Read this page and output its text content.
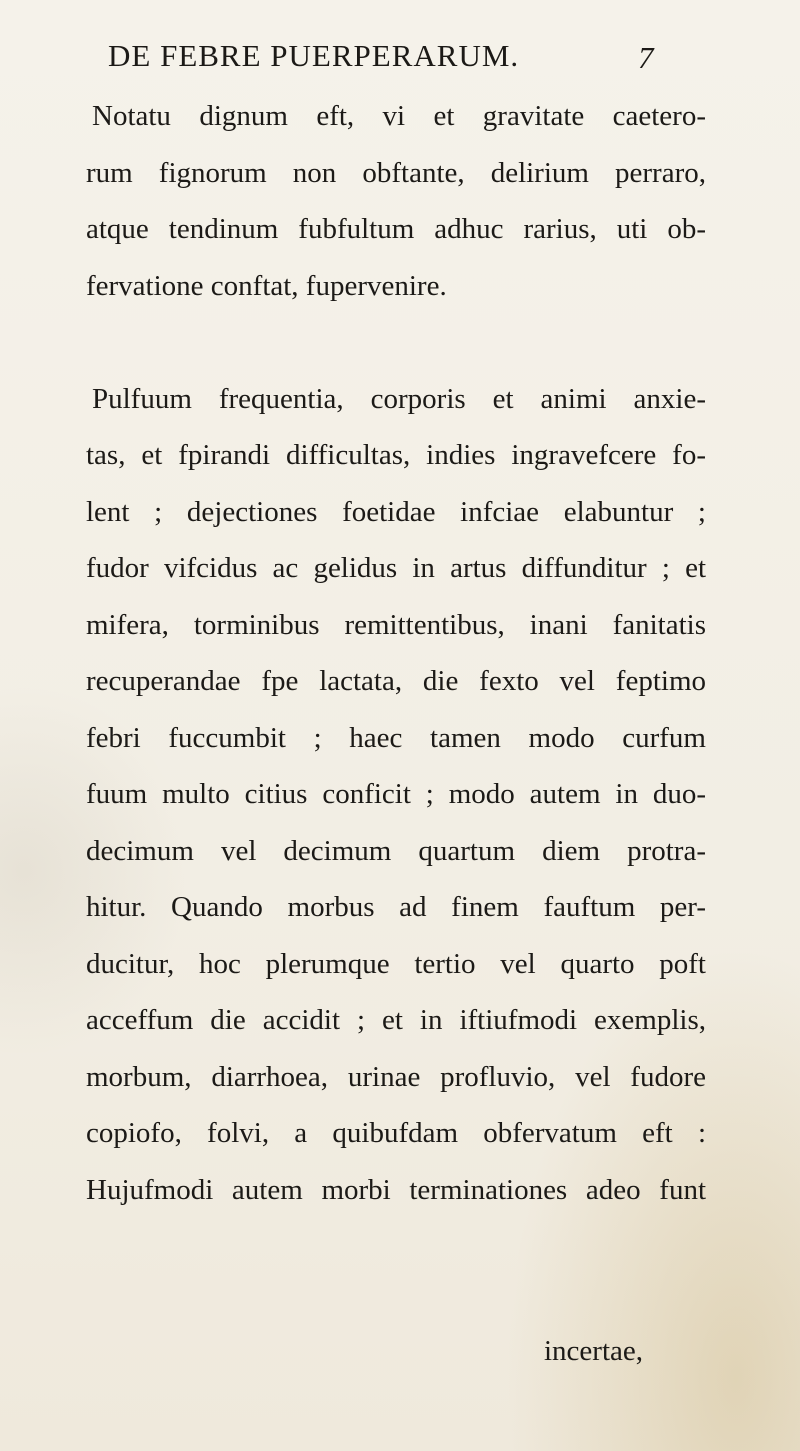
DE FEBRE PUERPERARUM.	7
Notatu dignum eft, vi et gravitate caetero-
rum fignorum non obftante, delirium perraro,
atque tendinum fubfultum adhuc rarius, uti ob-
fervatione conftat, fupervenire.
Pulfuum frequentia, corporis et animi anxie-
tas, et fpirandi difficultas, indies ingravefcere fo-
lent ; dejectiones foetidae infciae elabuntur ;
fudor vifcidus ac gelidus in artus diffunditur ; et
mifera, torminibus remittentibus, inani fanitatis
recuperandae fpe lactata, die fexto vel feptimo
febri fuccumbit ; haec tamen modo curfum
fuum multo citius conficit ; modo autem in duo-
decimum vel decimum quartum diem protra-
hitur. Quando morbus ad finem fauftum per-
ducitur, hoc plerumque tertio vel quarto poft
acceffum die accidit ; et in iftiufmodi exemplis,
morbum, diarrhoea, urinae profluvio, vel fudore
copiofo, folvi, a quibufdam obfervatum eft :
Hujufmodi autem morbi terminationes adeo funt
incertae,
